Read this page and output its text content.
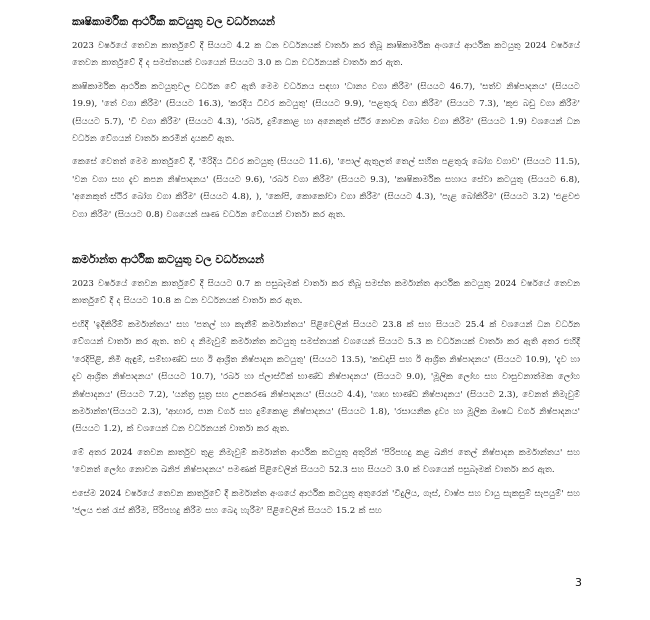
කෘෂිකාර්මික ආර්ථික කටයුතු වල වර්ධනයන්

2023 වර්ෂයේ තෙවන කාර්තුවේ දී සියයට 4.2 ක ධන වර්ධනයක් වාර්තා කර තිබූ කෘෂිකාර්මික අංශයේ ආර්ථික කටයුතු 2024 වර්ෂයේ තෙවන කාර්තුවේ දී ද සමස්තයක් වශයෙන් සියයට 3.0 ක ධන වර්ධනයක් වාර්තා කර ඇත.

කෘෂිකාර්මික ආර්ථික කටයුතුවල වර්ධන වේ ඇති මෙම වර්ධනය සඳහා 'ධාන්‍ය වගා කිරීම' (සියයට 46.7), 'සත්ව නිෂ්පාදනය' (සියයට 19.9), 'තේ වගා කිරීම' (සියයට 16.3), 'කරදිය ධීවර කටයුතු' (සියයට 9.9), 'පළතුරු වගා කිරීම' (සියයට 7.3), 'කුළු බඩු වගා කිරීම' (සියයට 5.7), 'වී වගා කිරීම' (සියයට 4.3), 'රබර්, දුම්කොළ හා අනෙකුත් ස්ථිර නොවන බෝග වගා කිරීම' (සියයට 1.9) වශයෙන් ධන වර්ධන වේගයන් වාර්තා කරමින් දායකවී ඇත.

කෙසේ වෙතත් මෙම කාර්තුවේ දී, 'මිරිදිය ධීවර කටයුතු (සියයට 11.6), 'පොල් ඇතුලත් තෙල් සහිත පළතුරු බෝග වගාව' (සියයට 11.5), 'වන වගා සහ දැව කපන නිෂ්පාදනය' (සියයට 9.6), 'රබර් වගා කිරීම' (සියයට 9.3), 'කෘෂිකාර්මික සහාය සේවා කටයුතු (සියයට 6.8), 'අනෙකුත් ස්ථිර බෝග වගා කිරීම' (සියයට 4.8), ), 'කෝපි, කොකෝවා වගා කිරීම' (සියයට 4.3), 'පැළ බෝකිරීම' (සියයට 3.2) 'එළවළු වගා කිරීම' (සියයට 0.8) වශයෙන් ඍණ වර්ධන වේගයන් වාර්තා කර ඇත.

කර්මාන්ත ආර්ථික කටයුතු වල වර්ධනයන්

2023 වර්ෂයේ තෙවන කාර්තුවේ දී සියයට 0.7 ක පසුබෑමක් වාර්තා කර තිබූ සමස්ත කර්මාන්ත ආර්ථික කටයුතු 2024 වර්ෂයේ තෙවන කාර්තුවේ දී ද සියයට 10.8 ක ධන වර්ධනයක් වාර්තා කර ඇත.

එහිදී 'ඉදිකිරීම් කර්මාන්තය' සහ 'පතල් හා කැනීම් කර්මාන්තය' පිළිවෙලින් සියයට 23.8 ක් සහ සියයට 25.4 ක් වශයෙන් ධන වර්ධන වේගයන් වාර්තා කර ඇත. තව ද නිමැවුම් කර්මාන්ත කටයුතු සමස්තයක් වශයෙන් සියයට 5.3 ක වර්ධනයක් වාර්තා කර ඇති අතර එහිදී 'රෙදිපිළි, නිමි ඇඳුම්, සම්භාණ්ඩ සහ ඊ ආශ්‍රිත නිෂ්පාදන කටයුතු' (සියයට 13.5), 'කඩදාසි සහ ඊ ආශ්‍රිත නිෂ්පාදනය' (සියයට 10.9), 'දැව හා දැව ආශ්‍රිත නිෂ්පාදනය' (සියයට 10.7), 'රබර් හා ප්ලාස්ටික් භාණ්ඩ නිෂ්පාදනය' (සියයට 9.0), 'මූලික ලෝහ සහ වාසුවනාත්මක ලෝහ නිෂ්පාදනය' (සියයට 7.2), 'යන්ත්‍ර සූත්‍ර සහ උපකරණ නිෂ්පාදනය' (සියයට 4.4), 'ගෘහ භාණ්ඩ නිෂ්පාදනය' (සියයට 2.3), වෙනත් නිමැවුම් කර්මාන්ත'(සියයට 2.3), 'ආහාර, පාන වර්ග සහ දුම්කොළ නිෂ්පාදනය' (සියයට 1.8), 'රසායනික ද්‍රව්‍ය හා මූලික ඖෂධ වර්ග නිෂ්පාදනය' (සියයට 1.2), ක් වශයෙන් ධන වර්ධනයන් වාර්තා කර ඇත.

මේ අතර 2024 තෙවන කාර්තුව තුළ නිමැවුම් කර්මාන්ත ආර්ථික කටයුතු අතුරින් 'පිරිපහදු කළ ඛනිජ තෙල් නිෂ්පාදන කර්මාන්තය' සහ 'වෙනත් ලෝහ නොවන ඛනිජ නිෂ්පාදනය' පමණක් පිළිවෙලින් සියයට 52.3 සහ සියයට 3.0 ක් වශයෙන් පසුබෑමක් වාර්තා කර ඇත.

එසේම 2024 වර්ෂයේ තෙවන කාර්තුවේ දී කර්මාන්ත අංශයේ ආර්ථික කටයුතු අතුරෙන් 'විදුලිය, ගෑස්, වාෂ්ප සහ වායු සැකසුම් සැපයුම්' සහ 'ජලය එක් රැස් කිරීම, පිරිපහදු කිරීම සහ බෙදා හැරීම' පිළිවෙලින් සියයට 15.2 ක් සහ

3
